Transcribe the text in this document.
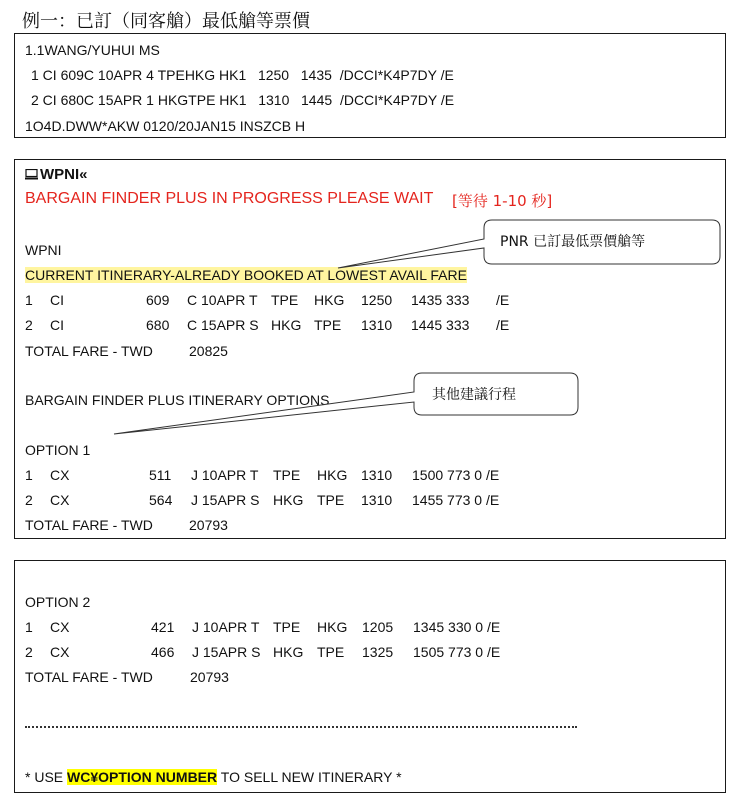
例一：已訂（同客艙）最低艙等票價
1.1WANG/YUHUI MS
1 CI 609C 10APR 4 TPEHKG HK1   1250   1435  /DCCI*K4P7DY /E
2 CI 680C 15APR 1 HKGTPE HK1   1310   1445  /DCCI*K4P7DY /E
1O4D.DWW*AKW 0120/20JAN15 INSZCB H
WPNI«
BARGAIN FINDER PLUS IN PROGRESS PLEASE WAIT [等待 1-10 秒]
WPNI
CURRENT ITINERARY-ALREADY BOOKED AT LOWEST AVAIL FARE
1 CI	609 C 10APR T TPE HKG 1250 1435 333 /E
2 CI	680 C 15APR S HKG TPE 1310 1445 333 /E
TOTAL FARE - TWD	20825
BARGAIN FINDER PLUS ITINERARY OPTIONS
OPTION 1
1 CX	511 J 10APR T TPE HKG 1310 1500 773 0 /E
2 CX	564 J 15APR S HKG TPE 1310 1455 773 0 /E
TOTAL FARE - TWD	20793
PNR 已訂最低票價艙等
其他建議行程
OPTION 2
1 CX	421 J 10APR T TPE HKG 1205 1345 330 0 /E
2 CX	466 J 15APR S HKG TPE 1325 1505 773 0 /E
TOTAL FARE - TWD	20793
* USE WC¥OPTION NUMBER TO SELL NEW ITINERARY *
